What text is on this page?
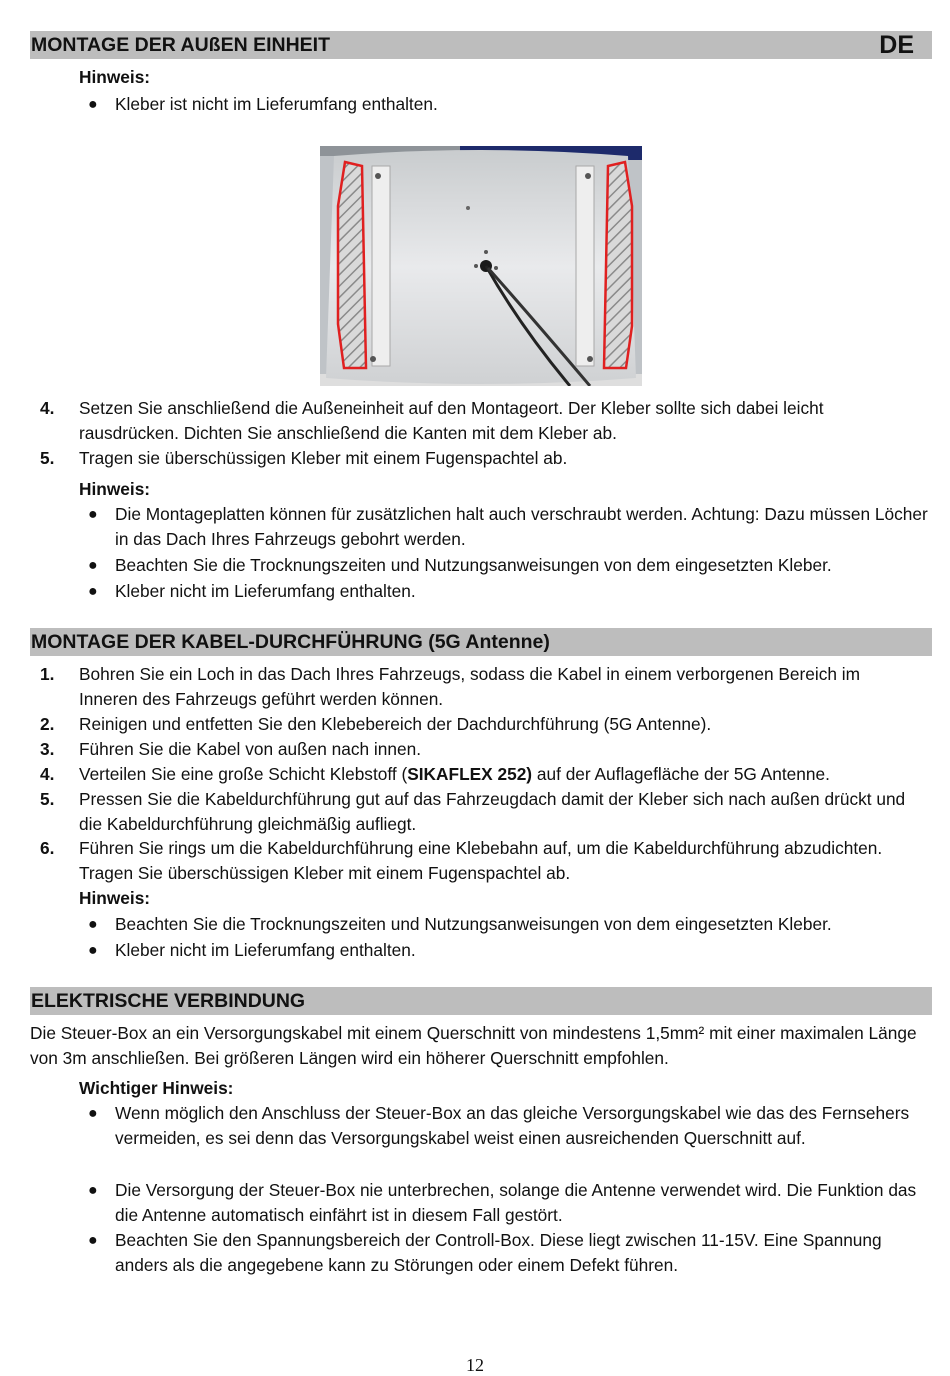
MONTAGE DER AUßEN EINHEIT	DE
Hinweis:
● Kleber ist nicht im Lieferumfang enthalten.
4. Setzen Sie anschließend die Außeneinheit auf den Montageort. Der Kleber sollte sich dabei leicht rausdrücken. Dichten Sie anschließend die Kanten mit dem Kleber ab.
5. Tragen sie überschüssigen Kleber mit einem Fugenspachtel ab.
Hinweis:
● Die Montageplatten können für zusätzlichen halt auch verschraubt werden. Achtung: Dazu müssen Löcher in das Dach Ihres Fahrzeugs gebohrt werden.
● Beachten Sie die Trocknungszeiten und Nutzungsanweisungen von dem eingesetzten Kleber.
● Kleber nicht im Lieferumfang enthalten.
MONTAGE DER KABEL-DURCHFÜHRUNG (5G Antenne)
1. Bohren Sie ein Loch in das Dach Ihres Fahrzeugs, sodass die Kabel in einem verborgenen Bereich im Inneren des Fahrzeugs geführt werden können.
2. Reinigen und entfetten Sie den Klebebereich der Dachdurchführung (5G Antenne).
3. Führen Sie die Kabel von außen nach innen.
4. Verteilen Sie eine große Schicht Klebstoff (SIKAFLEX 252) auf der Auflagefläche der 5G Antenne.
5. Pressen Sie die Kabeldurchführung gut auf das Fahrzeugdach damit der Kleber sich nach außen drückt und die Kabeldurchführung gleichmäßig aufliegt.
6. Führen Sie rings um die Kabeldurchführung eine Klebebahn auf, um die Kabeldurchführung abzudichten. Tragen Sie überschüssigen Kleber mit einem Fugenspachtel ab.
Hinweis:
● Beachten Sie die Trocknungszeiten und Nutzungsanweisungen von dem eingesetzten Kleber.
● Kleber nicht im Lieferumfang enthalten.
ELEKTRISCHE VERBINDUNG
Die Steuer-Box an ein Versorgungskabel mit einem Querschnitt von mindestens 1,5mm² mit einer maximalen Länge von 3m anschließen. Bei größeren Längen wird ein höherer Querschnitt empfohlen.
Wichtiger Hinweis:
● Wenn möglich den Anschluss der Steuer-Box an das gleiche Versorgungskabel wie das des Fernsehers vermeiden, es sei denn das Versorgungskabel weist einen ausreichenden Querschnitt auf.
● Die Versorgung der Steuer-Box nie unterbrechen, solange die Antenne verwendet wird. Die Funktion das die Antenne automatisch einfährt ist in diesem Fall gestört.
● Beachten Sie den Spannungsbereich der Controll-Box. Diese liegt zwischen 11-15V. Eine Spannung anders als die angegebene kann zu Störungen oder einem Defekt führen.
12
